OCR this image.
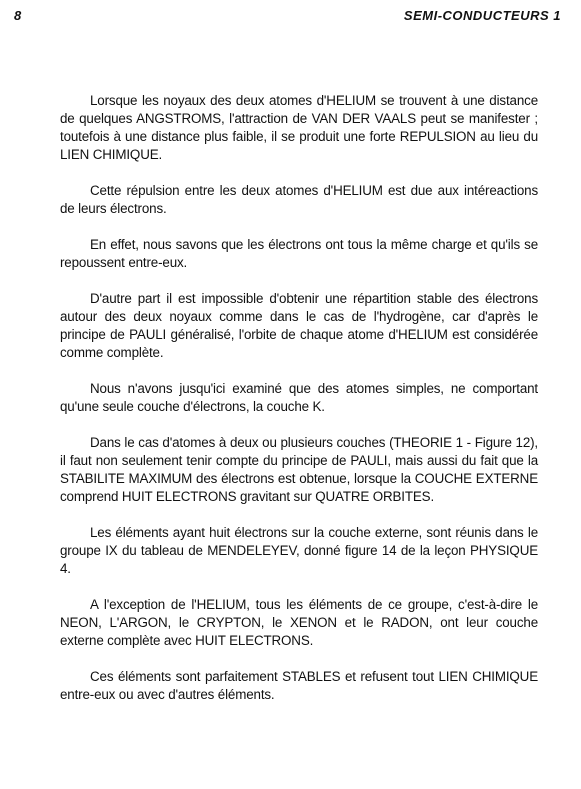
8	SEMI-CONDUCTEURS 1

Lorsque les noyaux des deux atomes d'HELIUM se trouvent à une distance de quelques ANGSTROMS, l'attraction de VAN DER VAALS peut se manifester ; toutefois à une distance plus faible, il se produit une forte REPULSION au lieu du LIEN CHIMIQUE.

Cette répulsion entre les deux atomes d'HELIUM est due aux intéreactions de leurs électrons.

En effet, nous savons que les électrons ont tous la même charge et qu'ils se repoussent entre-eux.

D'autre part il est impossible d'obtenir une répartition stable des électrons autour des deux noyaux comme dans le cas de l'hydrogène, car d'après le principe de PAULI généralisé, l'orbite de chaque atome d'HELIUM est considérée comme complète.

Nous n'avons jusqu'ici examiné que des atomes simples, ne comportant qu'une seule couche d'électrons, la couche K.

Dans le cas d'atomes à deux ou plusieurs couches (THEORIE 1 - Figure 12), il faut non seulement tenir compte du principe de PAULI, mais aussi du fait que la STABILITE MAXIMUM des électrons est obtenue, lorsque la COUCHE EXTERNE comprend HUIT ELECTRONS gravitant sur QUATRE ORBITES.

Les éléments ayant huit électrons sur la couche externe, sont réunis dans le groupe IX du tableau de MENDELEYEV, donné figure 14 de la leçon PHYSIQUE 4.

A l'exception de l'HELIUM, tous les éléments de ce groupe, c'est-à-dire le NEON, L'ARGON, le CRYPTON, le XENON et le RADON, ont leur couche externe complète avec HUIT ELECTRONS.

Ces éléments sont parfaitement STABLES et refusent tout LIEN CHIMIQUE entre-eux ou avec d'autres éléments.
